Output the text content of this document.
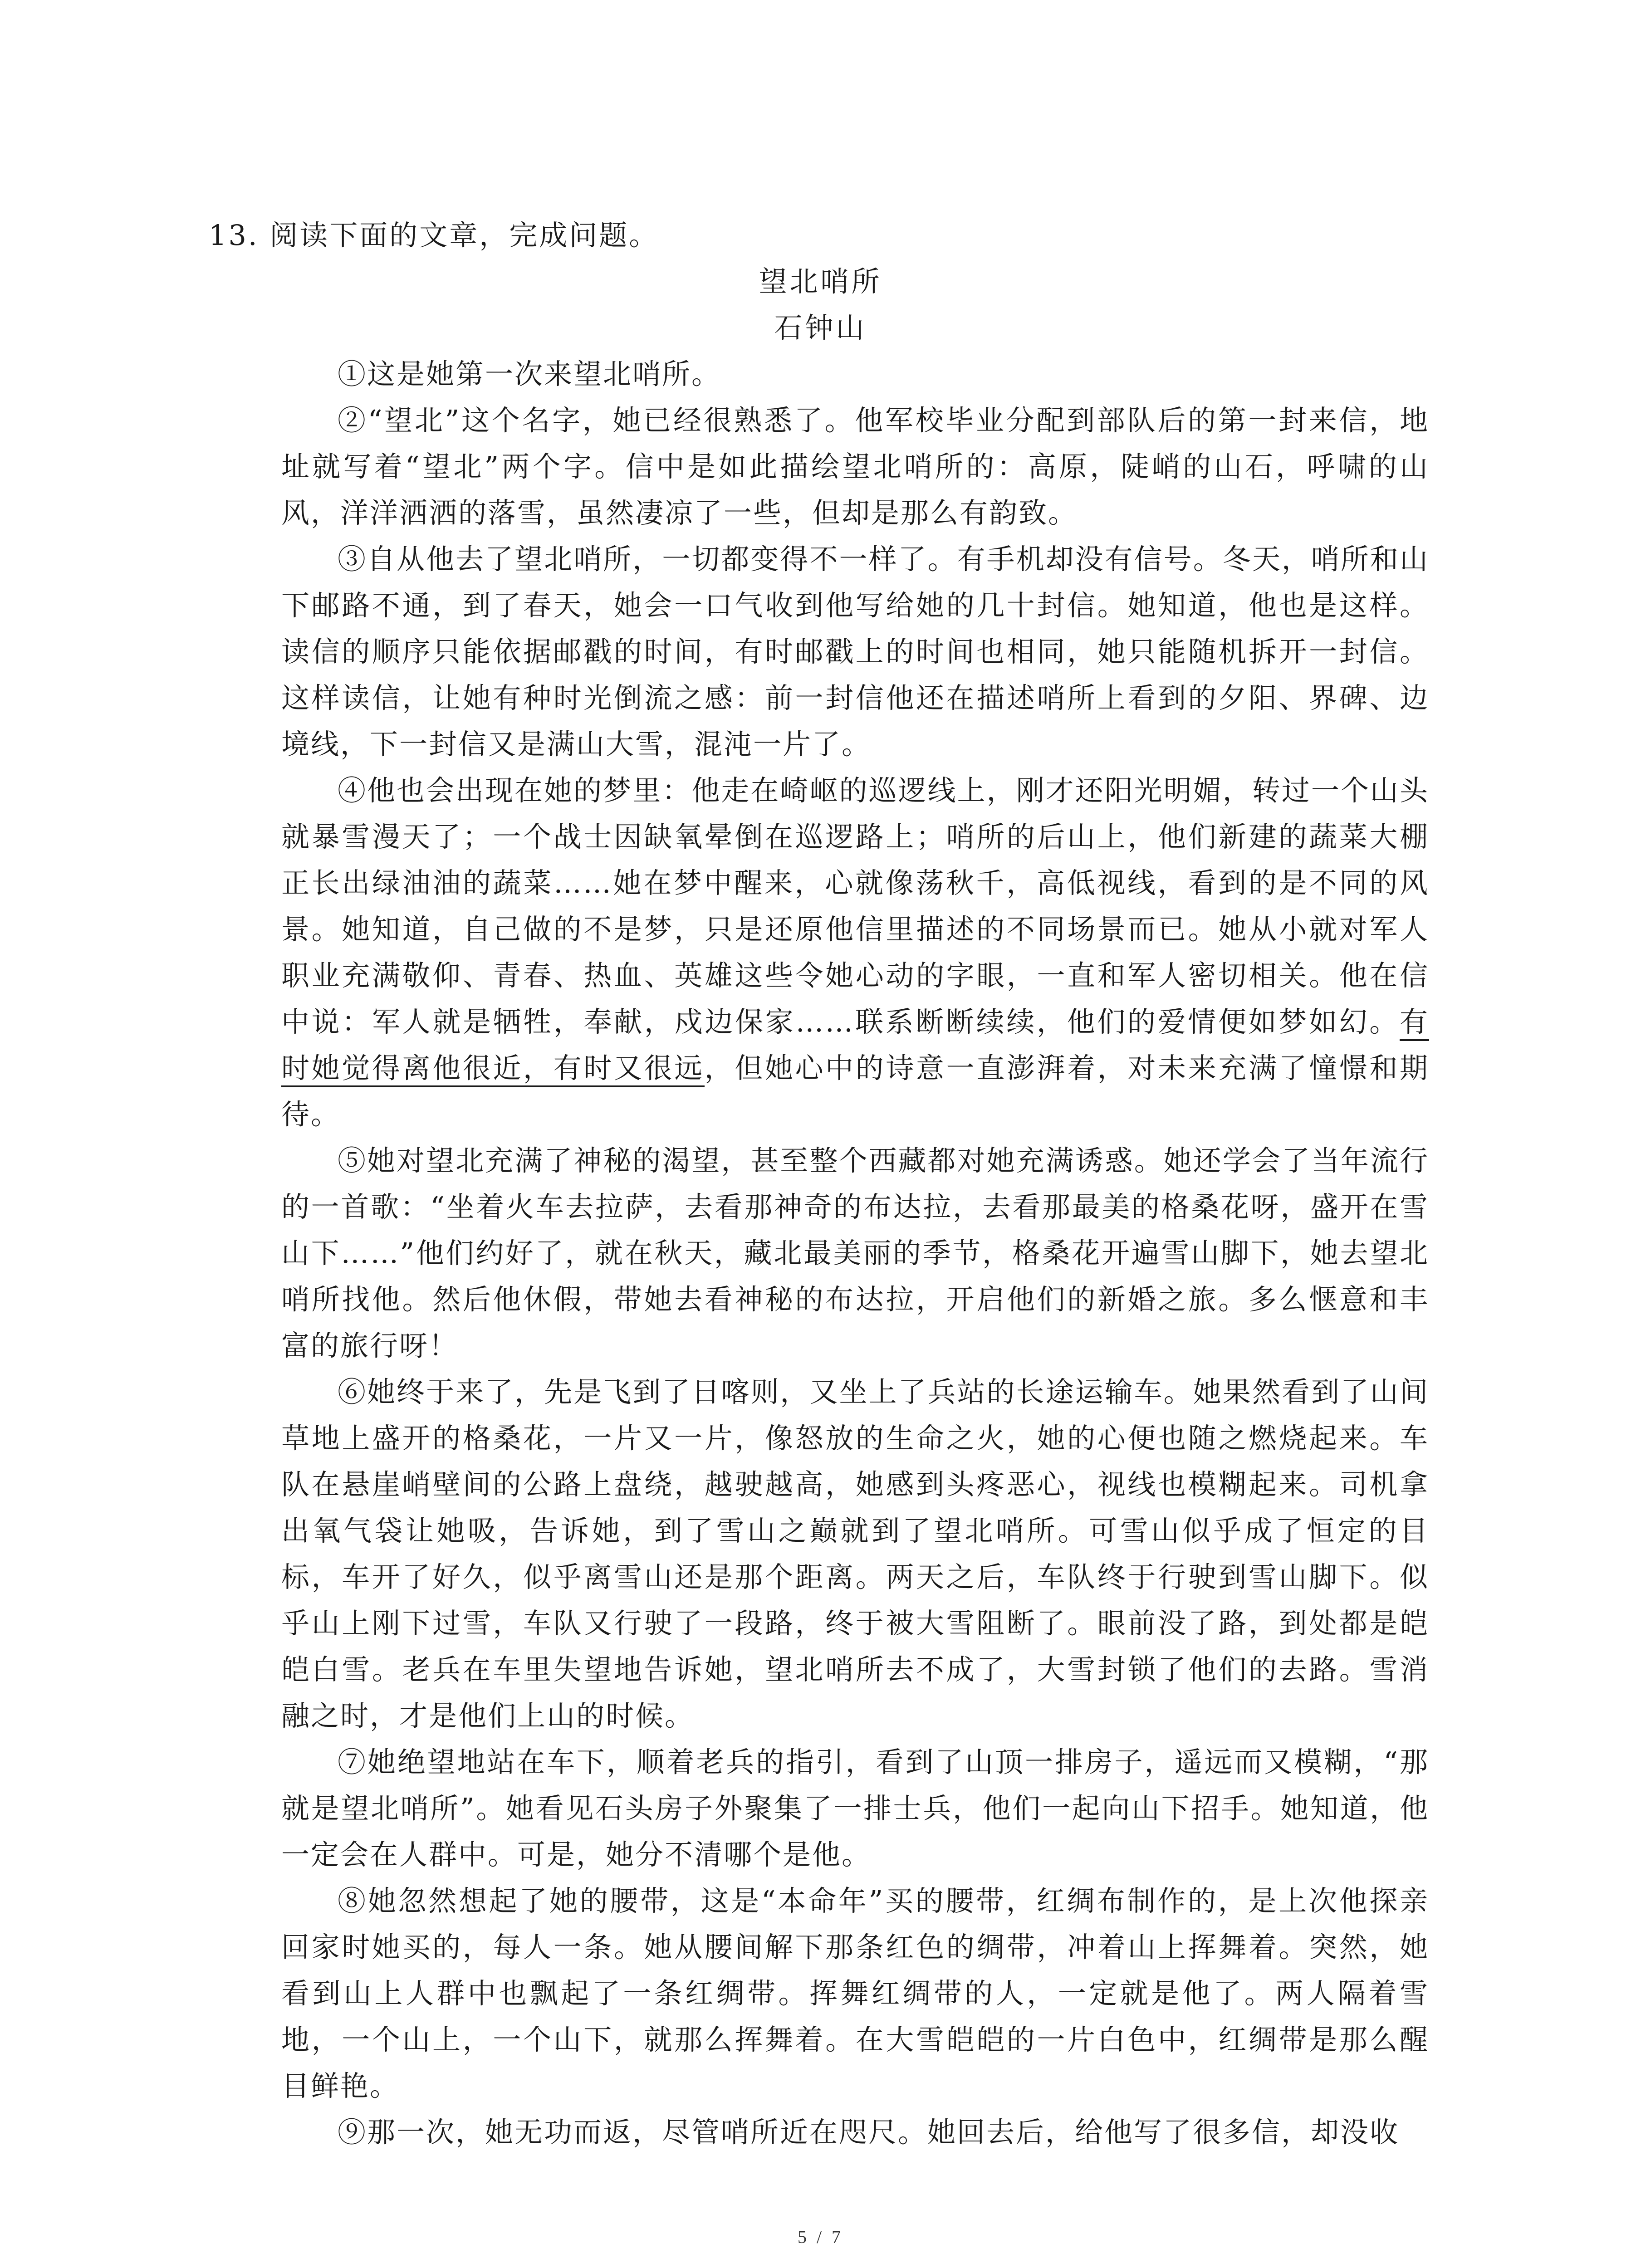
13. 阅读下面的文章，完成问题。
望北哨所
石钟山

①这是她第一次来望北哨所。

②“望北”这个名字，她已经很熟悉了。他军校毕业分配到部队后的第一封来信，地址就写着“望北”两个字。信中是如此描绘望北哨所的：高原，陡峭的山石，呼啸的山风，洋洋洒洒的落雪，虽然凄凉了一些，但却是那么有韵致。

③自从他去了望北哨所，一切都变得不一样了。有手机却没有信号。冬天，哨所和山下邮路不通，到了春天，她会一口气收到他写给她的几十封信。她知道，他也是这样。读信的顺序只能依据邮戳的时间，有时邮戳上的时间也相同，她只能随机拆开一封信。这样读信，让她有种时光倒流之感：前一封信他还在描述哨所上看到的夕阳、界碑、边境线，下一封信又是满山大雪，混沌一片了。

④他也会出现在她的梦里：他走在崎岖的巡逻线上，刚才还阳光明媚，转过一个山头就暴雪漫天了；一个战士因缺氧晕倒在巡逻路上；哨所的后山上，他们新建的蔬菜大棚正长出绿油油的蔬菜……她在梦中醒来，心就像荡秋千，高低视线，看到的是不同的风景。她知道，自己做的不是梦，只是还原他信里描述的不同场景而已。她从小就对军人职业充满敬仰、青春、热血、英雄这些令她心动的字眼，一直和军人密切相关。他在信中说：军人就是牺牲，奉献，戍边保家……联系断断续续，他们的爱情便如梦如幻。有时她觉得离他很近，有时又很远，但她心中的诗意一直澎湃着，对未来充满了憧憬和期待。

⑤她对望北充满了神秘的渴望，甚至整个西藏都对她充满诱惑。她还学会了当年流行的一首歌：“坐着火车去拉萨，去看那神奇的布达拉，去看那最美的格桑花呀，盛开在雪山下……”他们约好了，就在秋天，藏北最美丽的季节，格桑花开遍雪山脚下，她去望北哨所找他。然后他休假，带她去看神秘的布达拉，开启他们的新婚之旅。多么惬意和丰富的旅行呀！

⑥她终于来了，先是飞到了日喀则，又坐上了兵站的长途运输车。她果然看到了山间草地上盛开的格桑花，一片又一片，像怒放的生命之火，她的心便也随之燃烧起来。车队在悬崖峭壁间的公路上盘绕，越驶越高，她感到头疼恶心，视线也模糊起来。司机拿出氧气袋让她吸，告诉她，到了雪山之巅就到了望北哨所。可雪山似乎成了恒定的目标，车开了好久，似乎离雪山还是那个距离。两天之后，车队终于行驶到雪山脚下。似乎山上刚下过雪，车队又行驶了一段路，终于被大雪阻断了。眼前没了路，到处都是皑皑白雪。老兵在车里失望地告诉她，望北哨所去不成了，大雪封锁了他们的去路。雪消融之时，才是他们上山的时候。

⑦她绝望地站在车下，顺着老兵的指引，看到了山顶一排房子，遥远而又模糊，“那就是望北哨所”。她看见石头房子外聚集了一排士兵，他们一起向山下招手。她知道，他一定会在人群中。可是，她分不清哪个是他。

⑧她忽然想起了她的腰带，这是“本命年”买的腰带，红绸布制作的，是上次他探亲回家时她买的，每人一条。她从腰间解下那条红色的绸带，冲着山上挥舞着。突然，她看到山上人群中也飘起了一条红绸带。挥舞红绸带的人，一定就是他了。两人隔着雪地，一个山上，一个山下，就那么挥舞着。在大雪皑皑的一片白色中，红绸带是那么醒目鲜艳。

⑨那一次，她无功而返，尽管哨所近在咫尺。她回去后，给他写了很多信，却没收

5 / 7
